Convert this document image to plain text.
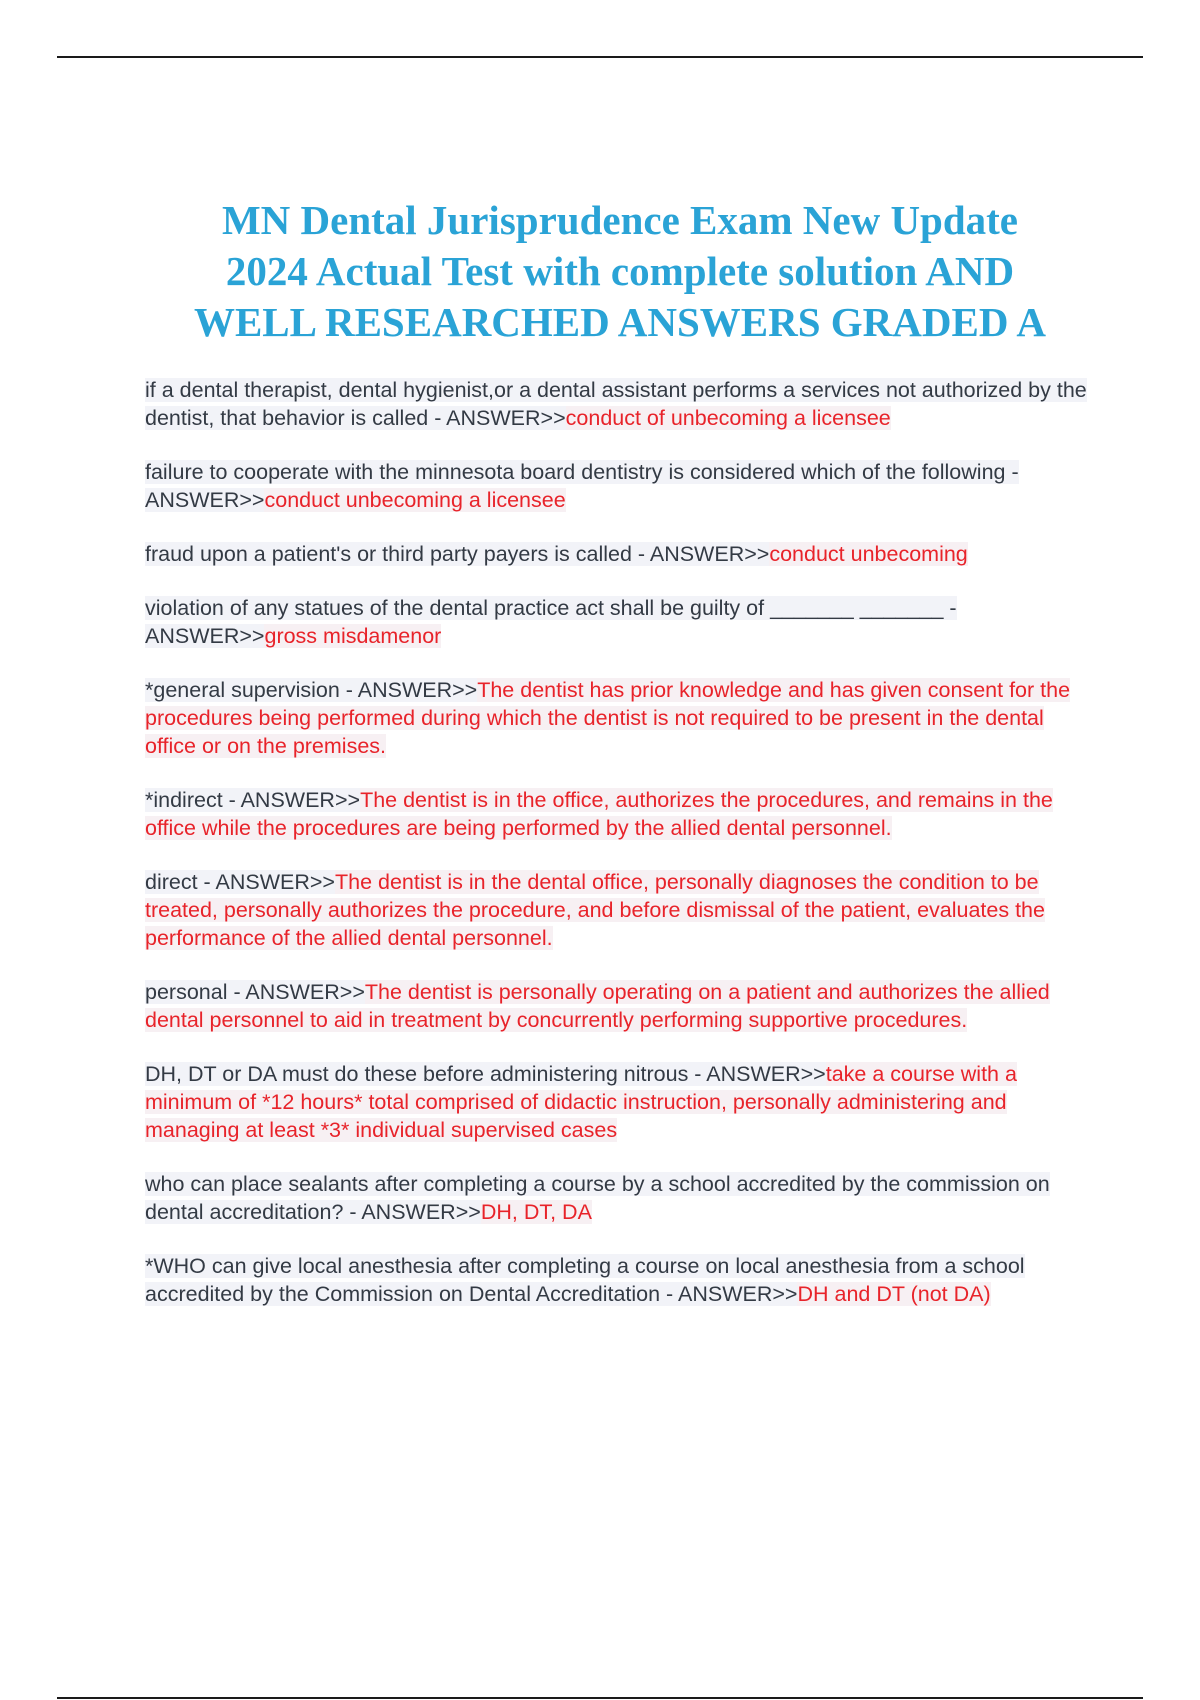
MN Dental Jurisprudence Exam New Update
2024 Actual Test with complete solution AND
WELL RESEARCHED ANSWERS GRADED A

if a dental therapist, dental hygienist,or a dental assistant performs a services not authorized by the dentist, that behavior is called - ANSWER>>conduct of unbecoming a licensee

failure to cooperate with the minnesota board dentistry is considered which of the following - ANSWER>>conduct unbecoming a licensee

fraud upon a patient's or third party payers is called - ANSWER>>conduct unbecoming

violation of any statues of the dental practice act shall be guilty of _______ _______ - ANSWER>>gross misdamenor

*general supervision - ANSWER>>The dentist has prior knowledge and has given consent for the procedures being performed during which the dentist is not required to be present in the dental office or on the premises.

*indirect - ANSWER>>The dentist is in the office, authorizes the procedures, and remains in the office while the procedures are being performed by the allied dental personnel.

direct - ANSWER>>The dentist is in the dental office, personally diagnoses the condition to be treated, personally authorizes the procedure, and before dismissal of the patient, evaluates the performance of the allied dental personnel.

personal - ANSWER>>The dentist is personally operating on a patient and authorizes the allied dental personnel to aid in treatment by concurrently performing supportive procedures.

DH, DT or DA must do these before administering nitrous - ANSWER>>take a course with a minimum of *12 hours* total comprised of didactic instruction, personally administering and managing at least *3* individual supervised cases

who can place sealants after completing a course by a school accredited by the commission on dental accreditation? - ANSWER>>DH, DT, DA

*WHO can give local anesthesia after completing a course on local anesthesia from a school accredited by the Commission on Dental Accreditation - ANSWER>>DH and DT (not DA)
